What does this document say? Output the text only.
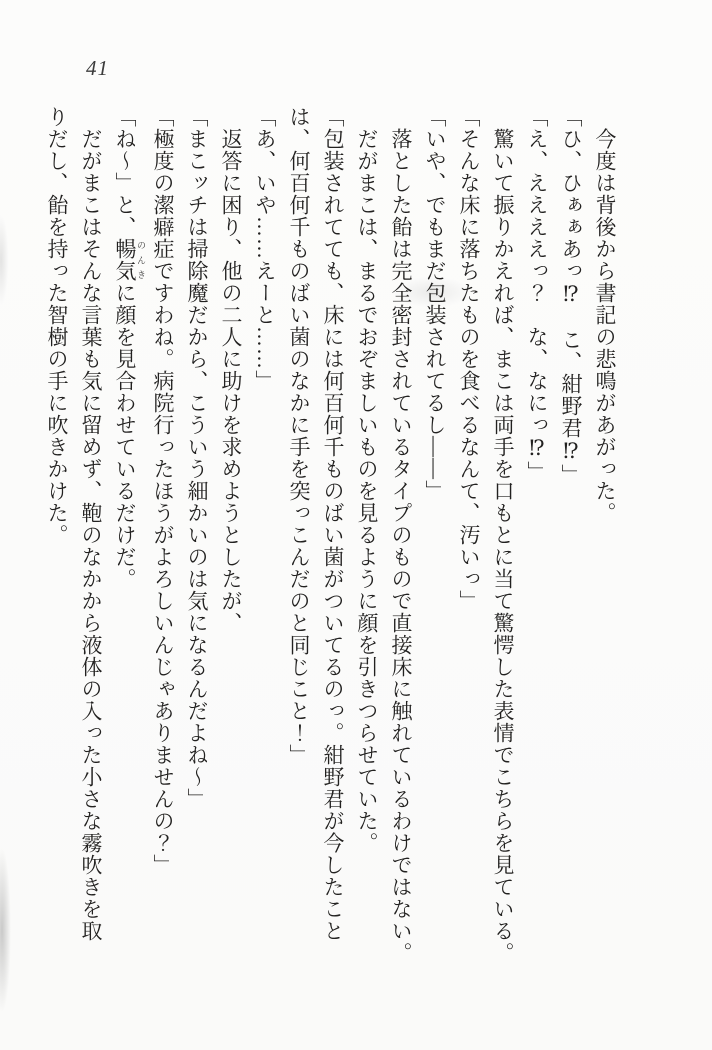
41

今度は背後から書記の悲鳴があがった。

「ひ、ひぁぁあっ⁉　こ、紺野君⁉」

「え、ええええっ？　な、なにっ⁉」

驚いて振りかえれば、まこは両手を口もとに当て驚愕した表情でこちらを見ている。

「そんな床に落ちたものを食べるなんて、汚いっ」

「いや、でもまだ包装されてるし——」

落とした飴は完全密封されているタイプのもので直接床に触れているわけではない。

だがまこは、まるでおぞましいものを見るように顔を引きつらせていた。

「包装されてても、床には何百何千ものばい菌がついてるのっ。紺野君が今したこと

は、何百何千ものばい菌のなかに手を突っこんだのと同じこと！」

「あ、いや……えーと……」

返答に困り、他の二人に助けを求めようとしたが、

「まこッチは掃除魔だから、こういう細かいのは気になるんだよね～」

「極度の潔癖症ですわね。病院行ったほうがよろしいんじゃありませんの？」

「ね～」と、暢気 のんきに顔を見合わせているだけだ。

だがまこはそんな言葉も気に留めず、鞄のなかから液体の入った小さな霧吹きを取

りだし、飴を持った智樹の手に吹きかけた。
